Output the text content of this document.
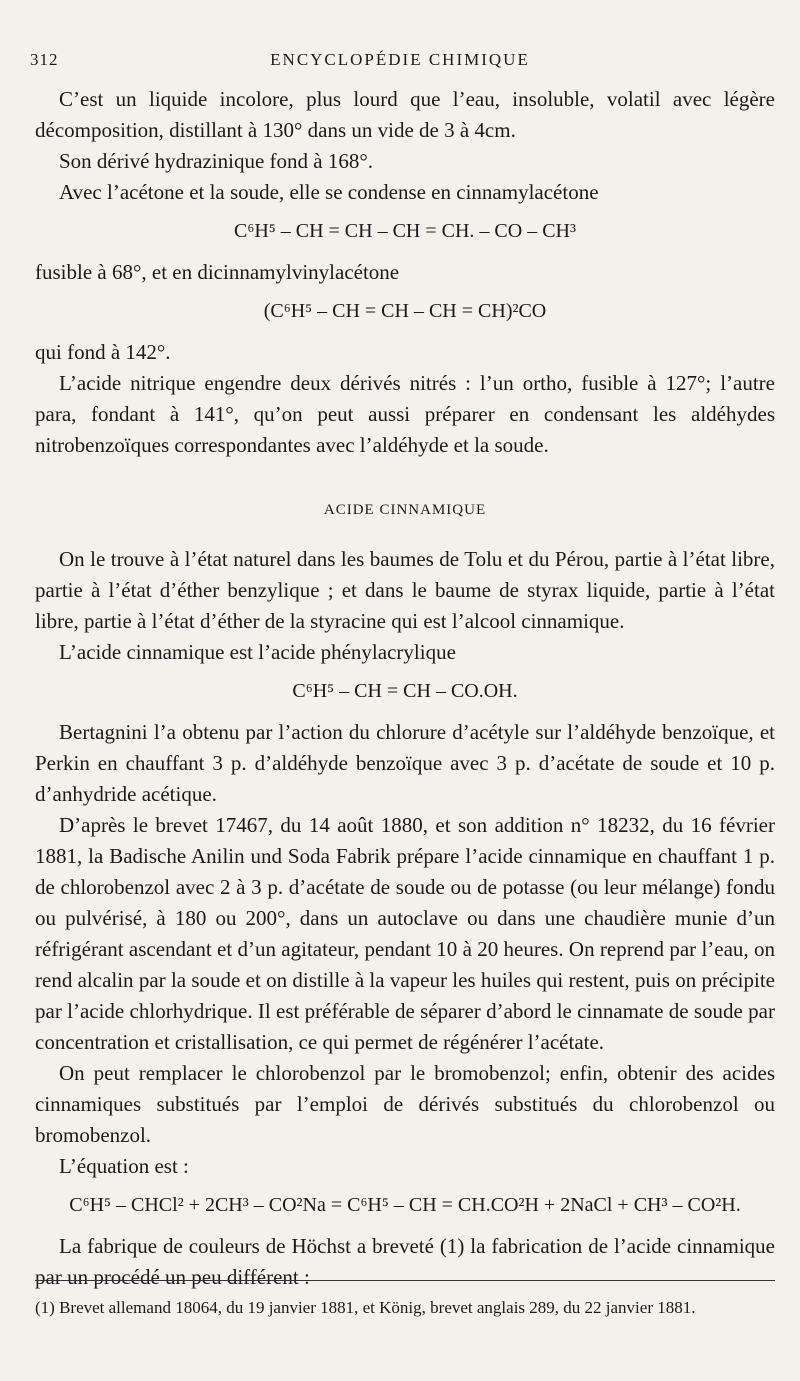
312	ENCYCLOPÉDIE CHIMIQUE

C’est un liquide incolore, plus lourd que l’eau, insoluble, volatil avec légère décomposition, distillant à 130° dans un vide de 3 à 4cm.

Son dérivé hydrazinique fond à 168°.

Avec l’acétone et la soude, elle se condense en cinnamylacétone

C⁶H⁵ – CH = CH – CH = CH. – CO – CH³

fusible à 68°, et en dicinnamylvinylacétone

(C⁶H⁵ – CH = CH – CH = CH)²CO

qui fond à 142°.

L’acide nitrique engendre deux dérivés nitrés : l’un ortho, fusible à 127°; l’autre para, fondant à 141°, qu’on peut aussi préparer en condensant les aldéhydes nitrobenzoïques correspondantes avec l’aldéhyde et la soude.

ACIDE CINNAMIQUE

On le trouve à l’état naturel dans les baumes de Tolu et du Pérou, partie à l’état libre, partie à l’état d’éther benzylique ; et dans le baume de styrax liquide, partie à l’état libre, partie à l’état d’éther de la styracine qui est l’alcool cinnamique.

L’acide cinnamique est l’acide phénylacrylique

C⁶H⁵ – CH = CH – CO.OH.

Bertagnini l’a obtenu par l’action du chlorure d’acétyle sur l’aldéhyde benzoïque, et Perkin en chauffant 3 p. d’aldéhyde benzoïque avec 3 p. d’acétate de soude et 10 p. d’anhydride acétique.

D’après le brevet 17467, du 14 août 1880, et son addition n° 18232, du 16 février 1881, la Badische Anilin und Soda Fabrik prépare l’acide cinnamique en chauffant 1 p. de chlorobenzol avec 2 à 3 p. d’acétate de soude ou de potasse (ou leur mélange) fondu ou pulvérisé, à 180 ou 200°, dans un autoclave ou dans une chaudière munie d’un réfrigérant ascendant et d’un agitateur, pendant 10 à 20 heures. On reprend par l’eau, on rend alcalin par la soude et on distille à la vapeur les huiles qui restent, puis on précipite par l’acide chlorhydrique. Il est préférable de séparer d’abord le cinnamate de soude par concentration et cristallisation, ce qui permet de régénérer l’acétate.

On peut remplacer le chlorobenzol par le bromobenzol; enfin, obtenir des acides cinnamiques substitués par l’emploi de dérivés substitués du chlorobenzol ou bromobenzol.

L’équation est :

C⁶H⁵ – CHCl² + 2CH³ – CO²Na = C⁶H⁵ – CH = CH.CO²H + 2NaCl + CH³ – CO²H.

La fabrique de couleurs de Höchst a breveté (1) la fabrication de l’acide cinnamique par un procédé un peu différent :

(1) Brevet allemand 18064, du 19 janvier 1881, et König, brevet anglais 289, du 22 janvier 1881.
